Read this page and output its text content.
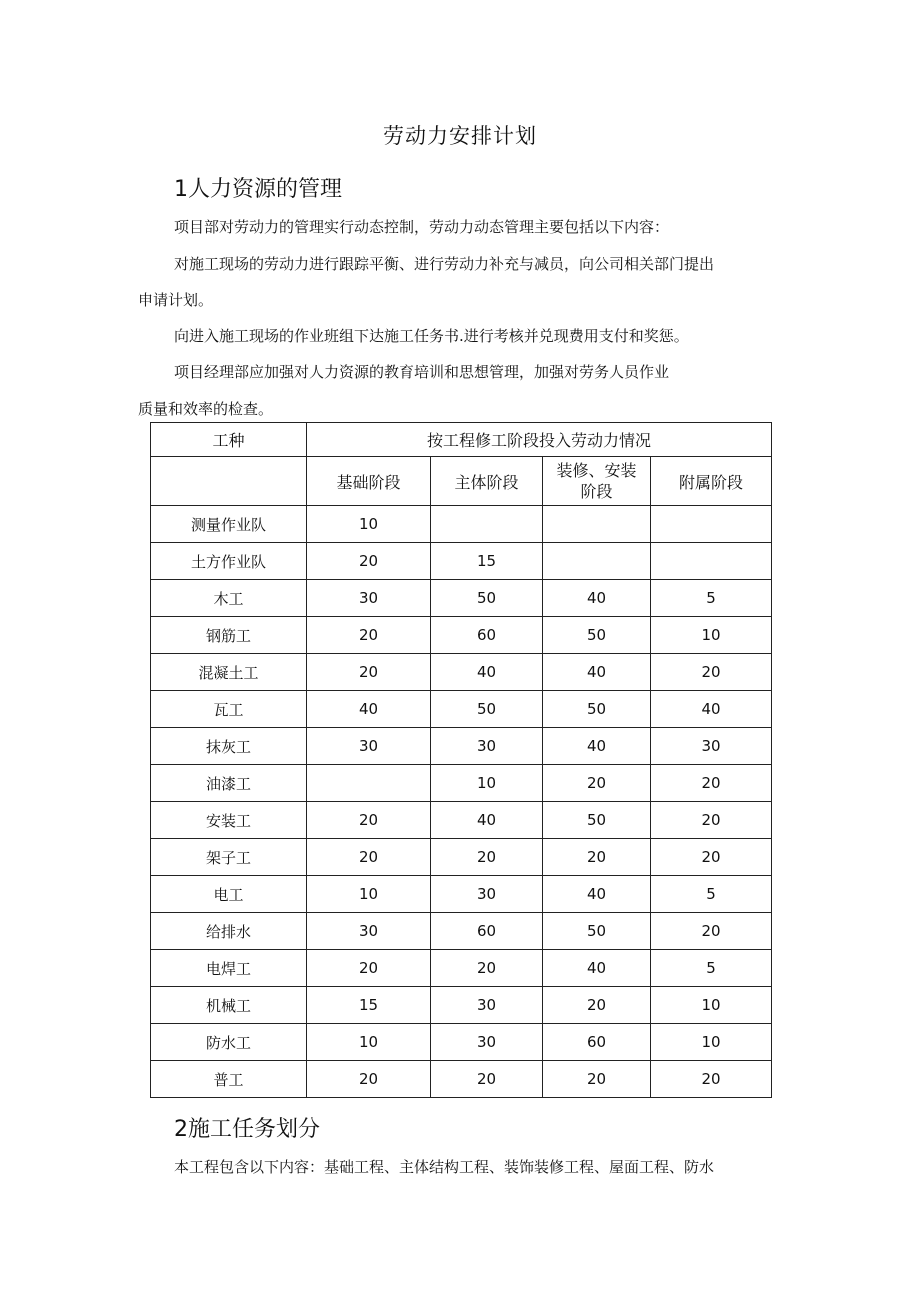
劳动力安排计划
1人力资源的管理
项目部对劳动力的管理实行动态控制，劳动力动态管理主要包括以下内容：
对施工现场的劳动力进行跟踪平衡、进行劳动力补充与减员，向公司相关部门提出
申请计划。
向进入施工现场的作业班组下达施工任务书.进行考核并兑现费用支付和奖惩。
项目经理部应加强对人力资源的教育培训和思想管理，加强对劳务人员作业
质量和效率的检查。
工种	按工程修工阶段投入劳动力情况			
	基础阶段	主体阶段	装修、安装阶段	附属阶段
测量作业队	10			
土方作业队	20	15		
木工	30	50	40	5
钢筋工	20	60	50	10
混凝土工	20	40	40	20
瓦工	40	50	50	40
抹灰工	30	30	40	30
油漆工		10	20	20
安装工	20	40	50	20
架子工	20	20	20	20
电工	10	30	40	5
给排水	30	60	50	20
电焊工	20	20	40	5
机械工	15	30	20	10
防水工	10	30	60	10
普工	20	20	20	20
2施工任务划分
本工程包含以下内容：基础工程、主体结构工程、装饰装修工程、屋面工程、防水
